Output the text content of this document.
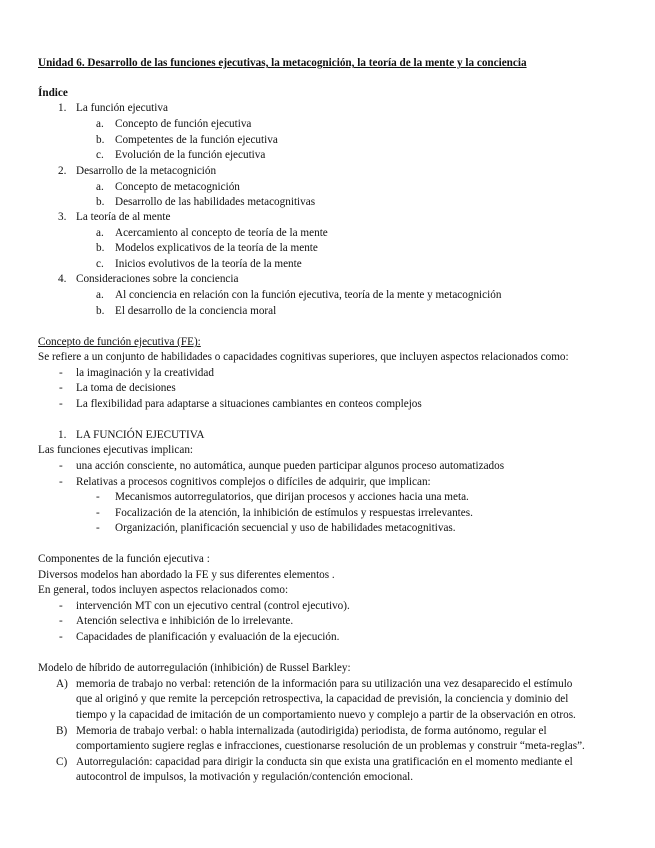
Unidad 6. Desarrollo de las funciones ejecutivas, la metacognición, la teoría de la mente y la conciencia
Índice
1. La función ejecutiva
a. Concepto de función ejecutiva
b. Competentes de la función ejecutiva
c. Evolución de la función ejecutiva
2. Desarrollo de la metacognición
a. Concepto de metacognición
b. Desarrollo de las habilidades metacognitivas
3. La teoría de al mente
a. Acercamiento al concepto de teoría de la mente
b. Modelos explicativos de la teoría de la mente
c. Inicios evolutivos de la teoría de la mente
4. Consideraciones sobre la conciencia
a. Al conciencia en relación con la función ejecutiva, teoría de la mente y metacognición
b. El desarrollo de la conciencia moral
Concepto de función ejecutiva (FE):
Se refiere a un conjunto de habilidades o capacidades cognitivas superiores, que incluyen aspectos relacionados como:
- la imaginación y la creatividad
- La toma de decisiones
- La flexibilidad para adaptarse a situaciones cambiantes en conteos complejos
1. LA FUNCIÓN EJECUTIVA
Las funciones ejecutivas implican:
- una acción consciente, no automática, aunque pueden participar algunos proceso automatizados
- Relativas a procesos cognitivos complejos o difíciles de adquirir, que implican:
- Mecanismos autorregulatorios, que dirijan procesos y acciones hacia una meta.
- Focalización de la atención, la inhibición de estímulos y respuestas irrelevantes.
- Organización, planificación secuencial y uso de habilidades metacognitivas.
Componentes de la función ejecutiva :
Diversos modelos han abordado la FE y sus diferentes elementos .
En general, todos incluyen aspectos relacionados como:
- intervención MT con un ejecutivo central (control ejecutivo).
- Atención selectiva e inhibición de lo irrelevante.
- Capacidades de planificación y evaluación de la ejecución.
Modelo de híbrido de autorregulación (inhibición) de Russel Barkley:
A) memoria de trabajo no verbal: retención de la información para su utilización una vez desaparecido el estímulo
que al originó y que remite la percepción retrospectiva, la capacidad de previsión, la conciencia y dominio del
tiempo y la capacidad de imitación de un comportamiento nuevo y complejo a partir de la observación en otros.
B) Memoria de trabajo verbal: o habla internalizada (autodirigida) periodista, de forma autónomo, regular el
comportamiento sugiere reglas e infracciones, cuestionarse resolución de un problemas y construir “meta-reglas”.
C) Autorregulación: capacidad para dirigir la conducta sin que exista una gratificación en el momento mediante el
autocontrol de impulsos, la motivación y regulación/contención emocional.
